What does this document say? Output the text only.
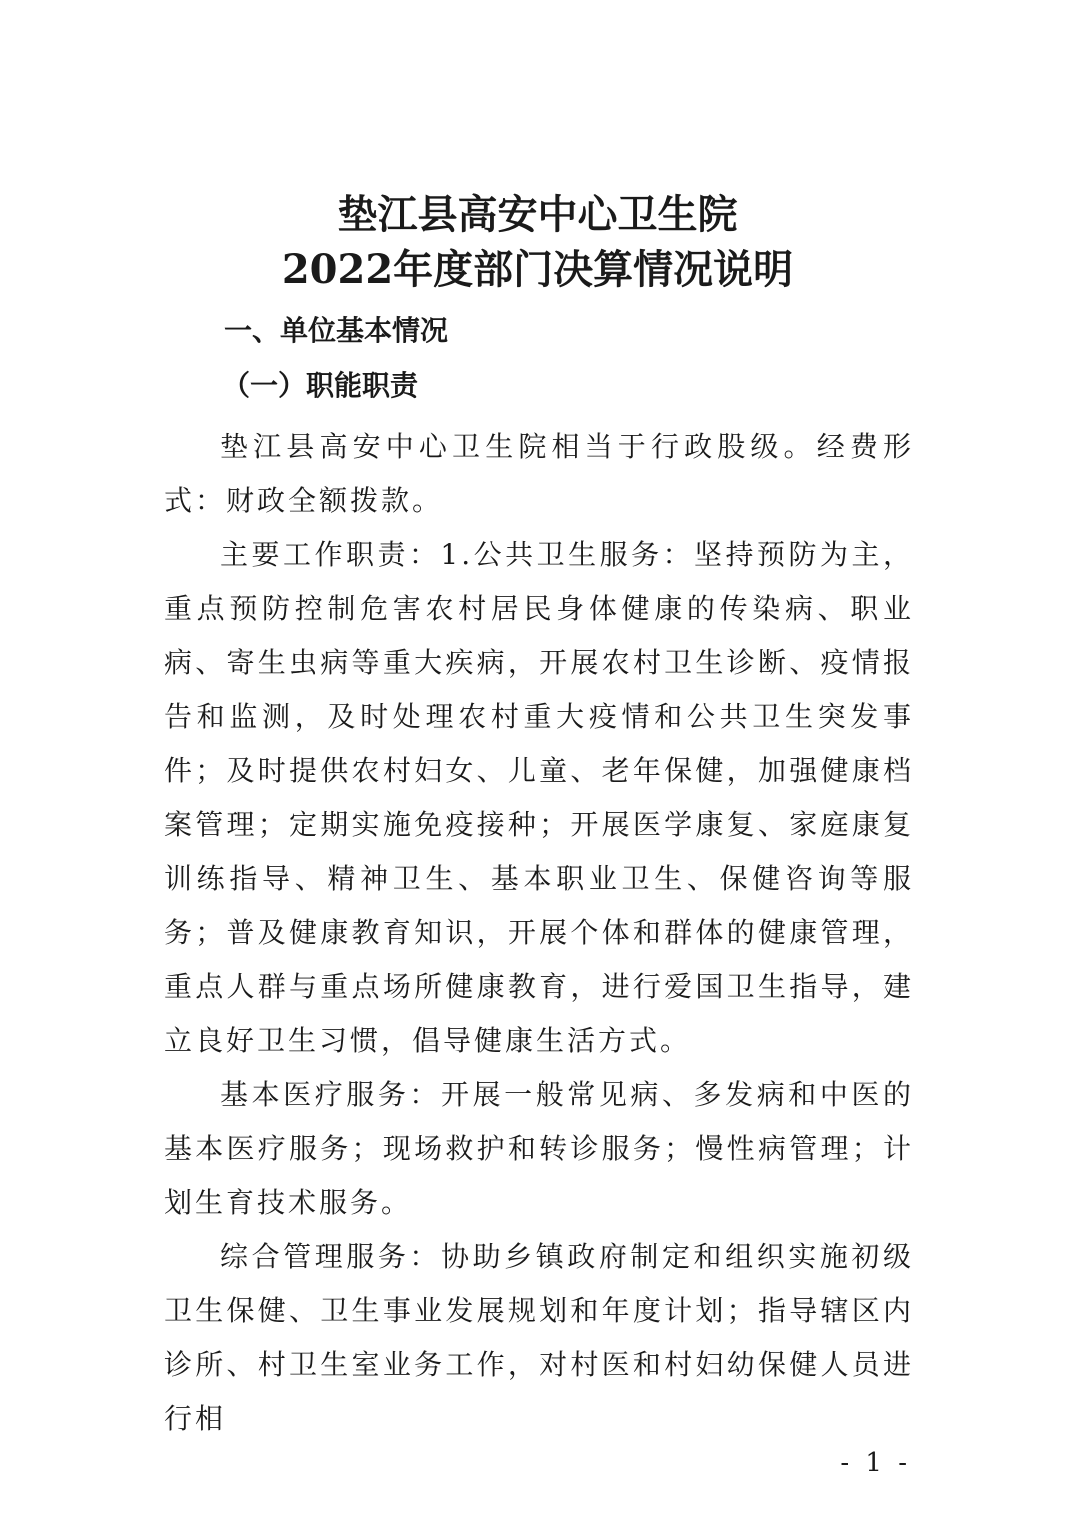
垫江县高安中心卫生院
2022年度部门决算情况说明
一、单位基本情况
（一）职能职责

垫江县高安中心卫生院相当于行政股级。经费形式：财政全额拨款。

主要工作职责：1.公共卫生服务：坚持预防为主，重点预防控制危害农村居民身体健康的传染病、职业病、寄生虫病等重大疾病，开展农村卫生诊断、疫情报告和监测，及时处理农村重大疫情和公共卫生突发事件；及时提供农村妇女、儿童、老年保健，加强健康档案管理；定期实施免疫接种；开展医学康复、家庭康复训练指导、精神卫生、基本职业卫生、保健咨询等服务；普及健康教育知识，开展个体和群体的健康管理，重点人群与重点场所健康教育，进行爱国卫生指导，建立良好卫生习惯，倡导健康生活方式。

基本医疗服务：开展一般常见病、多发病和中医的基本医疗服务；现场救护和转诊服务；慢性病管理；计划生育技术服务。

综合管理服务：协助乡镇政府制定和组织实施初级卫生保健、卫生事业发展规划和年度计划；指导辖区内诊所、村卫生室业务工作，对村医和村妇幼保健人员进行相

- 1 -
